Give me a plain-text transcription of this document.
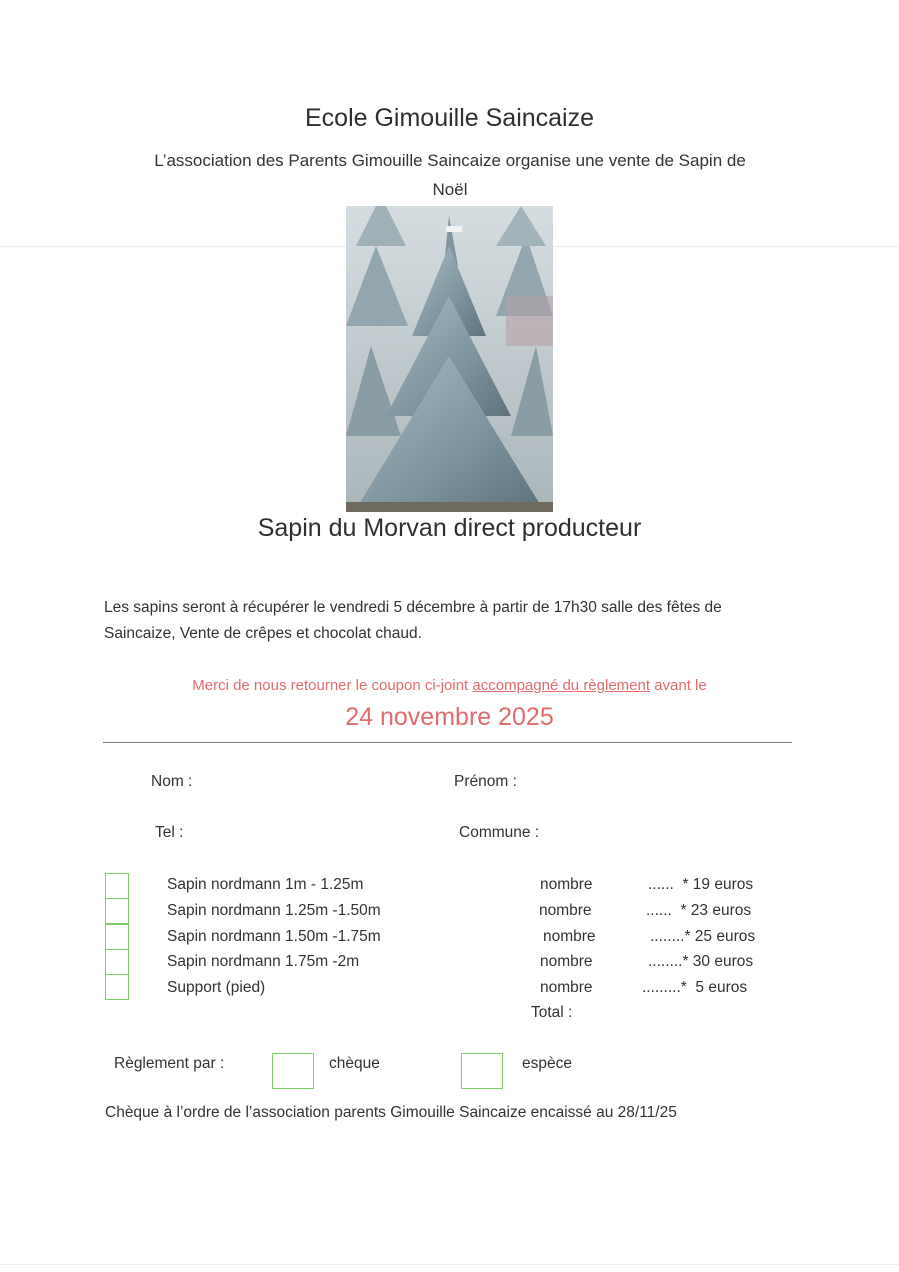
Ecole Gimouille Saincaize
L’association des Parents Gimouille Saincaize organise une vente de Sapin de Noël
Sapin du Morvan direct producteur
Les sapins seront à récupérer le vendredi 5 décembre à partir de 17h30 salle des fêtes de
Saincaize, Vente de crêpes et chocolat chaud.
Merci de nous retourner le coupon ci-joint accompagné du règlement avant le
24 novembre 2025
Nom :	Prénom :
Tel :	Commune :
Sapin nordmann 1m - 1.25m	nombre	......  * 19 euros
Sapin nordmann 1.25m -1.50m	nombre	......  * 23 euros
Sapin nordmann 1.50m -1.75m	nombre	........* 25 euros
Sapin nordmann 1.75m -2m	nombre	........* 30 euros
Support (pied)	nombre	.........*  5 euros
Total :
Règlement par :	chèque	espèce
Chèque à l’ordre de l’association parents Gimouille Saincaize encaissé au 28/11/25
